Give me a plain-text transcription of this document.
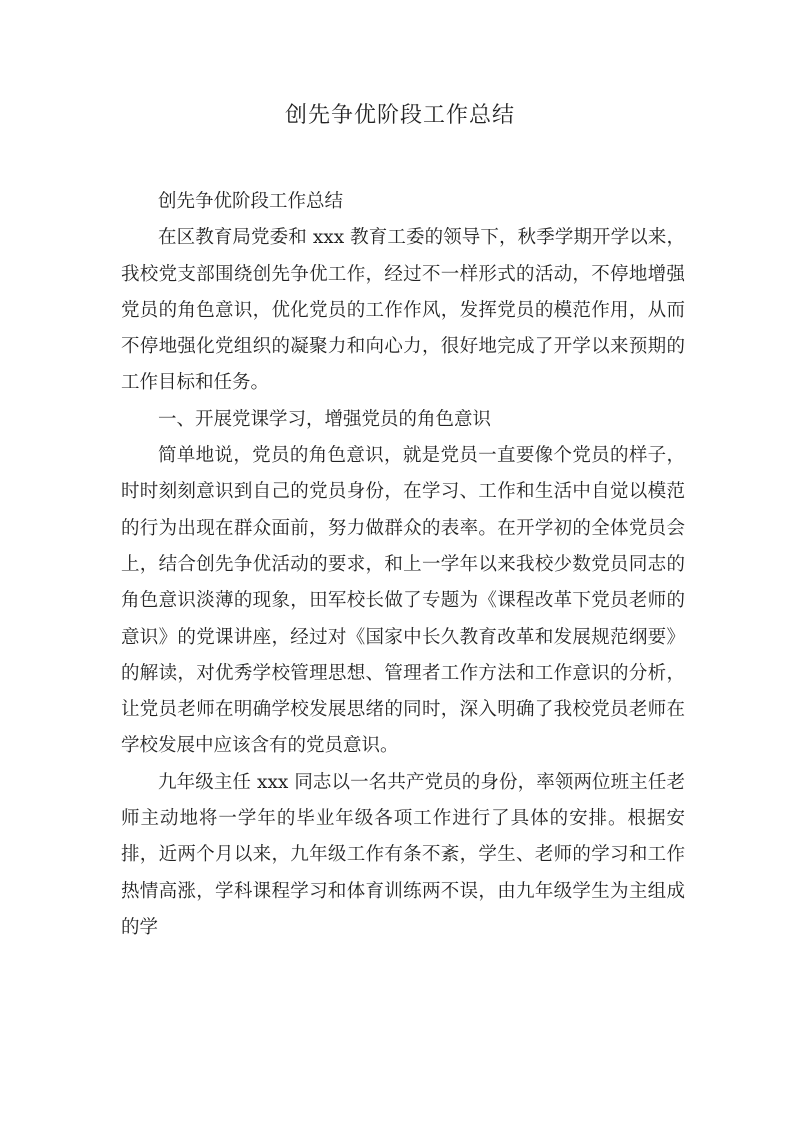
创先争优阶段工作总结

创先争优阶段工作总结

在区教育局党委和 xxx 教育工委的领导下，秋季学期开学以来，我校党支部围绕创先争优工作，经过不一样形式的活动，不停地增强党员的角色意识，优化党员的工作作风，发挥党员的模范作用，从而不停地强化党组织的凝聚力和向心力，很好地完成了开学以来预期的工作目标和任务。

一、开展党课学习，增强党员的角色意识

简单地说，党员的角色意识，就是党员一直要像个党员的样子，时时刻刻意识到自己的党员身份，在学习、工作和生活中自觉以模范的行为出现在群众面前，努力做群众的表率。在开学初的全体党员会上，结合创先争优活动的要求，和上一学年以来我校少数党员同志的角色意识淡薄的现象，田军校长做了专题为《课程改革下党员老师的意识》的党课讲座，经过对《国家中长久教育改革和发展规范纲要》的解读，对优秀学校管理思想、管理者工作方法和工作意识的分析，让党员老师在明确学校发展思绪的同时，深入明确了我校党员老师在学校发展中应该含有的党员意识。

九年级主任 xxx 同志以一名共产党员的身份，率领两位班主任老师主动地将一学年的毕业年级各项工作进行了具体的安排。根据安排，近两个月以来，九年级工作有条不紊，学生、老师的学习和工作热情高涨，学科课程学习和体育训练两不误，由九年级学生为主组成的学
